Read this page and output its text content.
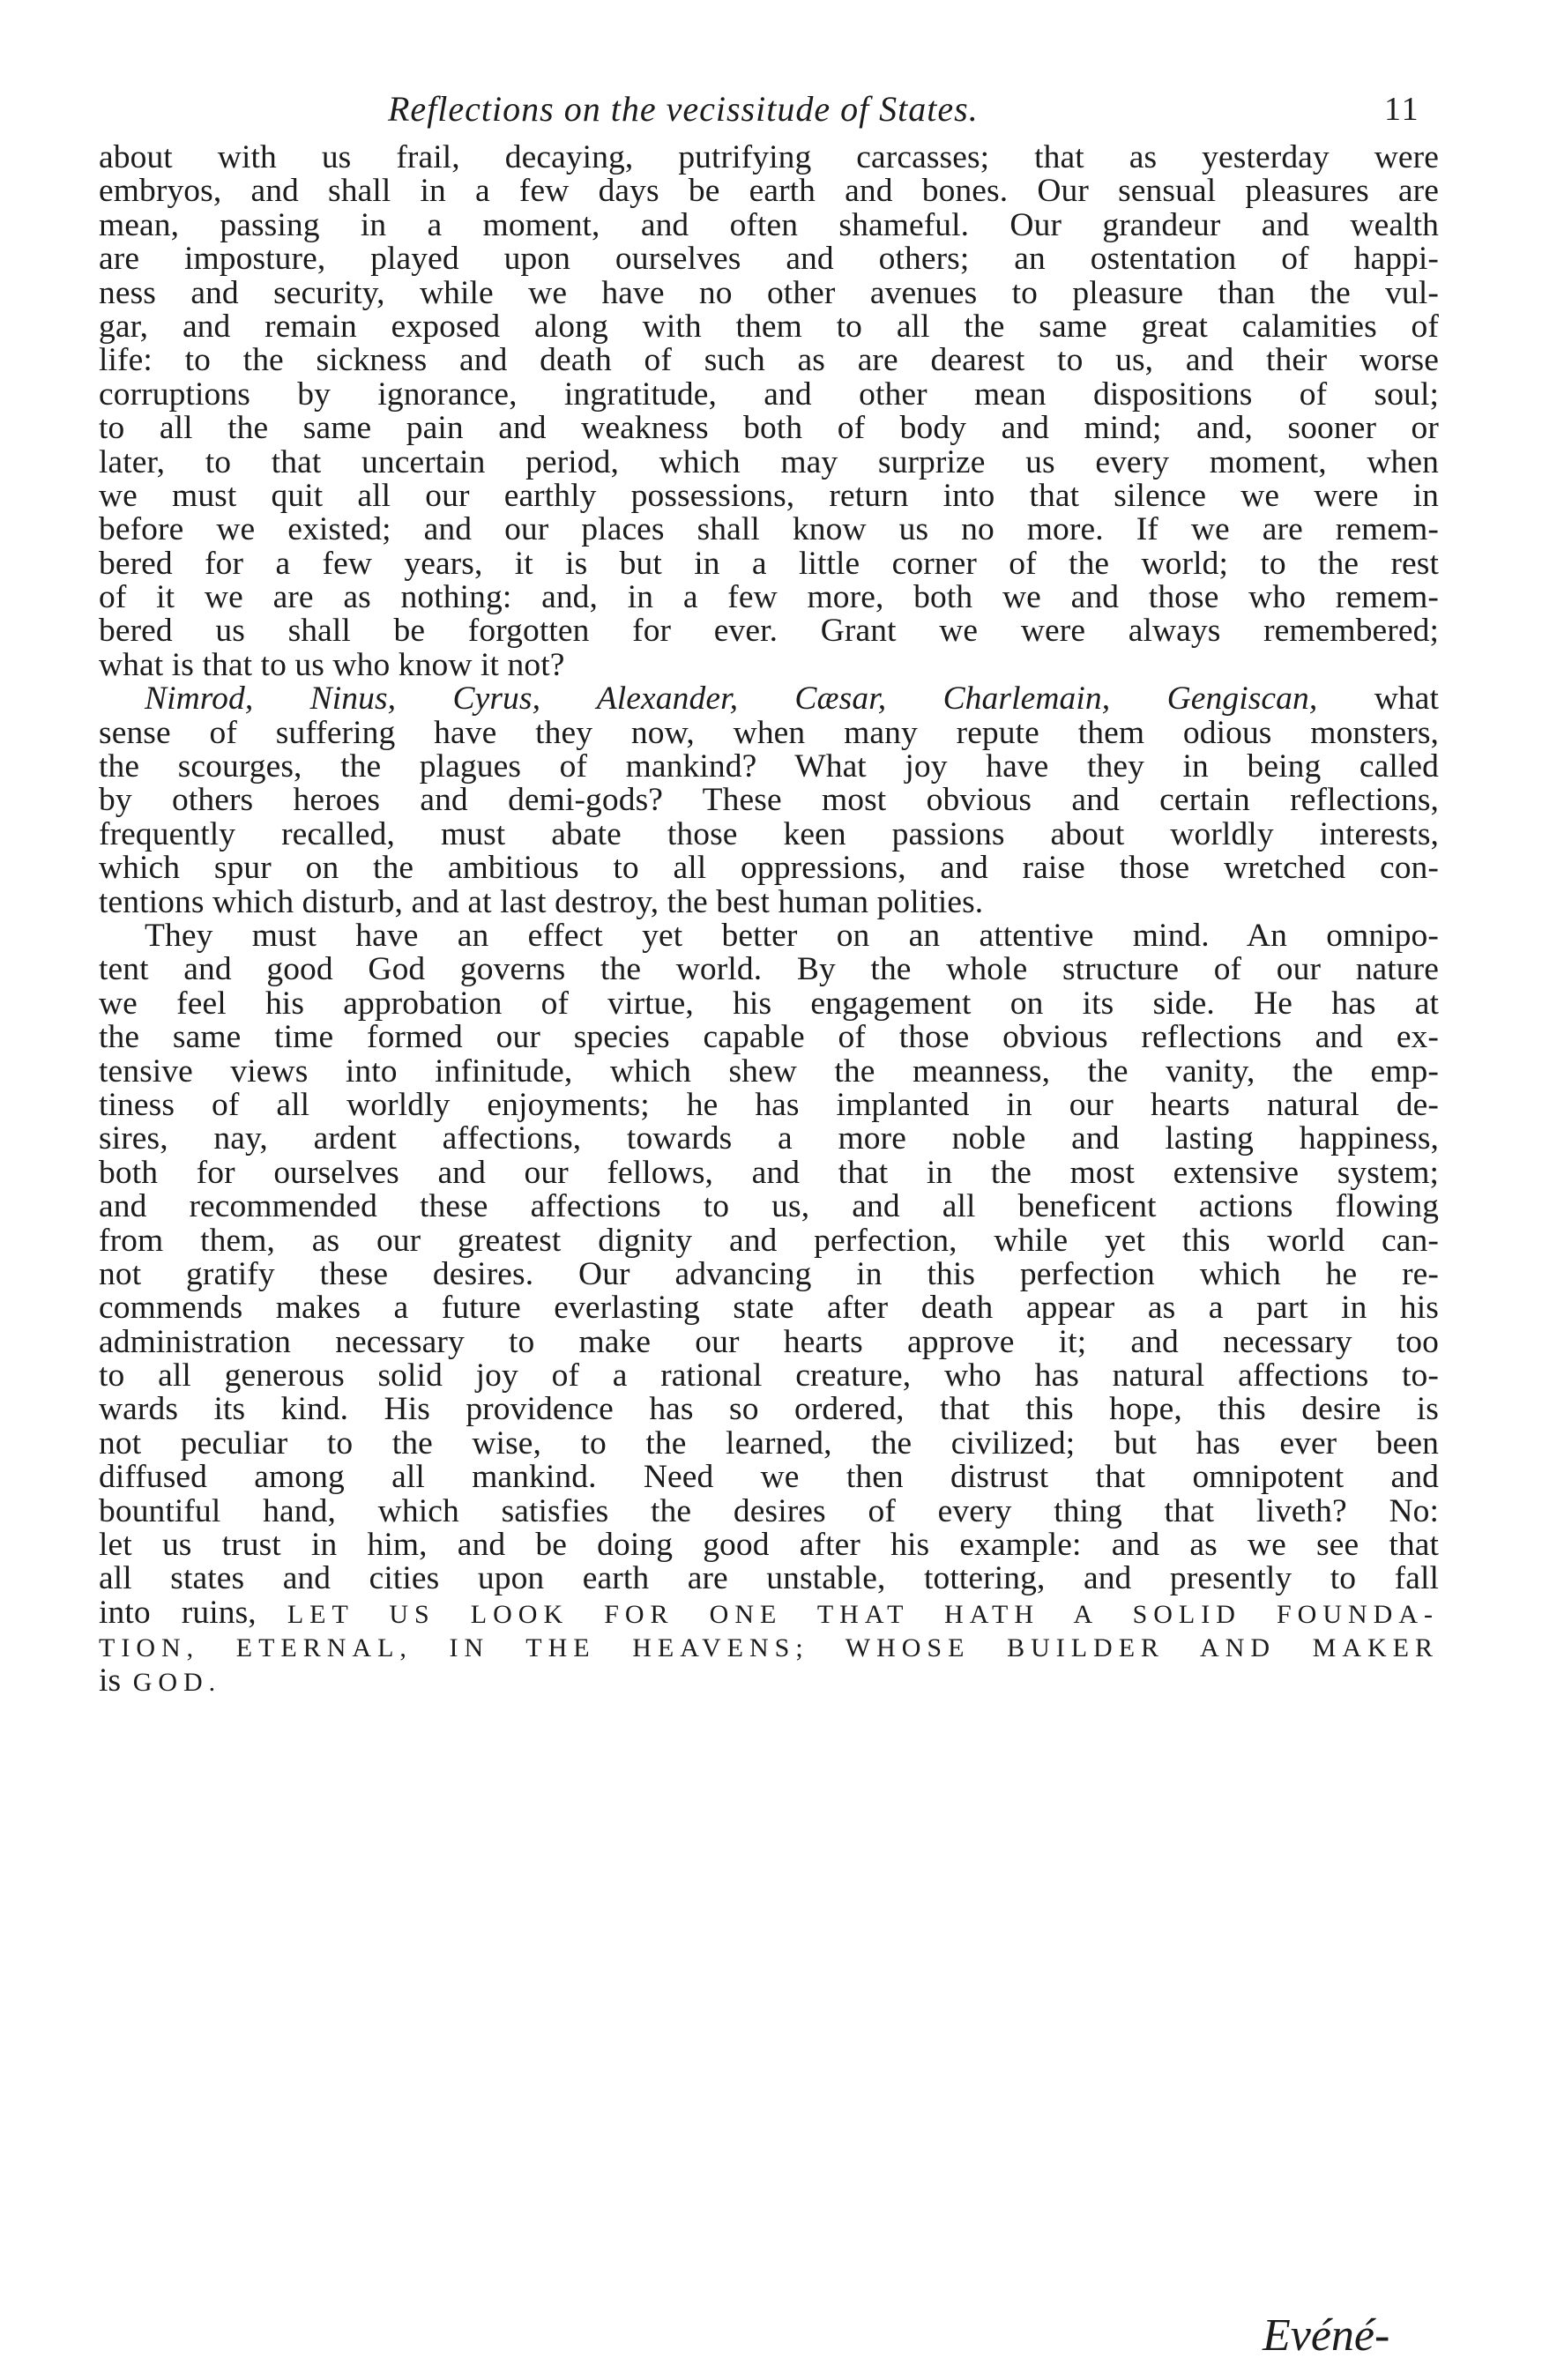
Reflections on the vecissitude of States.	11
about with us frail, decaying, putrifying carcasses; that as yesterday were
embryos, and shall in a few days be earth and bones. Our sensual pleasures are
mean, passing in a moment, and often shameful. Our grandeur and wealth
are imposture, played upon ourselves and others; an ostentation of happi-
ness and security, while we have no other avenues to pleasure than the vul-
gar, and remain exposed along with them to all the same great calamities of
life: to the sickness and death of such as are dearest to us, and their worse
corruptions by ignorance, ingratitude, and other mean dispositions of soul;
to all the same pain and weakness both of body and mind; and, sooner or
later, to that uncertain period, which may surprize us every moment, when
we must quit all our earthly possessions, return into that silence we were in
before we existed; and our places shall know us no more. If we are remem-
bered for a few years, it is but in a little corner of the world; to the rest
of it we are as nothing: and, in a few more, both we and those who remem-
bered us shall be forgotten for ever. Grant we were always remembered;
what is that to us who know it not?
Nimrod, Ninus, Cyrus, Alexander, Cæsar, Charlemain, Gengiscan, what
sense of suffering have they now, when many repute them odious monsters,
the scourges, the plagues of mankind? What joy have they in being called
by others heroes and demi-gods? These most obvious and certain reflections,
frequently recalled, must abate those keen passions about worldly interests,
which spur on the ambitious to all oppressions, and raise those wretched con-
tentions which disturb, and at last destroy, the best human polities.
They must have an effect yet better on an attentive mind. An omnipo-
tent and good God governs the world. By the whole structure of our nature
we feel his approbation of virtue, his engagement on its side. He has at
the same time formed our species capable of those obvious reflections and ex-
tensive views into infinitude, which shew the meanness, the vanity, the emp-
tiness of all worldly enjoyments; he has implanted in our hearts natural de-
sires, nay, ardent affections, towards a more noble and lasting happiness,
both for ourselves and our fellows, and that in the most extensive system;
and recommended these affections to us, and all beneficent actions flowing
from them, as our greatest dignity and perfection, while yet this world can-
not gratify these desires. Our advancing in this perfection which he re-
commends makes a future everlasting state after death appear as a part in his
administration necessary to make our hearts approve it; and necessary too
to all generous solid joy of a rational creature, who has natural affections to-
wards its kind. His providence has so ordered, that this hope, this desire is
not peculiar to the wise, to the learned, the civilized; but has ever been
diffused among all mankind. Need we then distrust that omnipotent and
bountiful hand, which satisfies the desires of every thing that liveth? No:
let us trust in him, and be doing good after his example: and as we see that
all states and cities upon earth are unstable, tottering, and presently to fall
into ruins, LET US LOOK FOR ONE THAT HATH A SOLID FOUNDA-
TION, ETERNAL, IN THE HEAVENS; WHOSE BUILDER AND MAKER
is GOD.
Evéné-
